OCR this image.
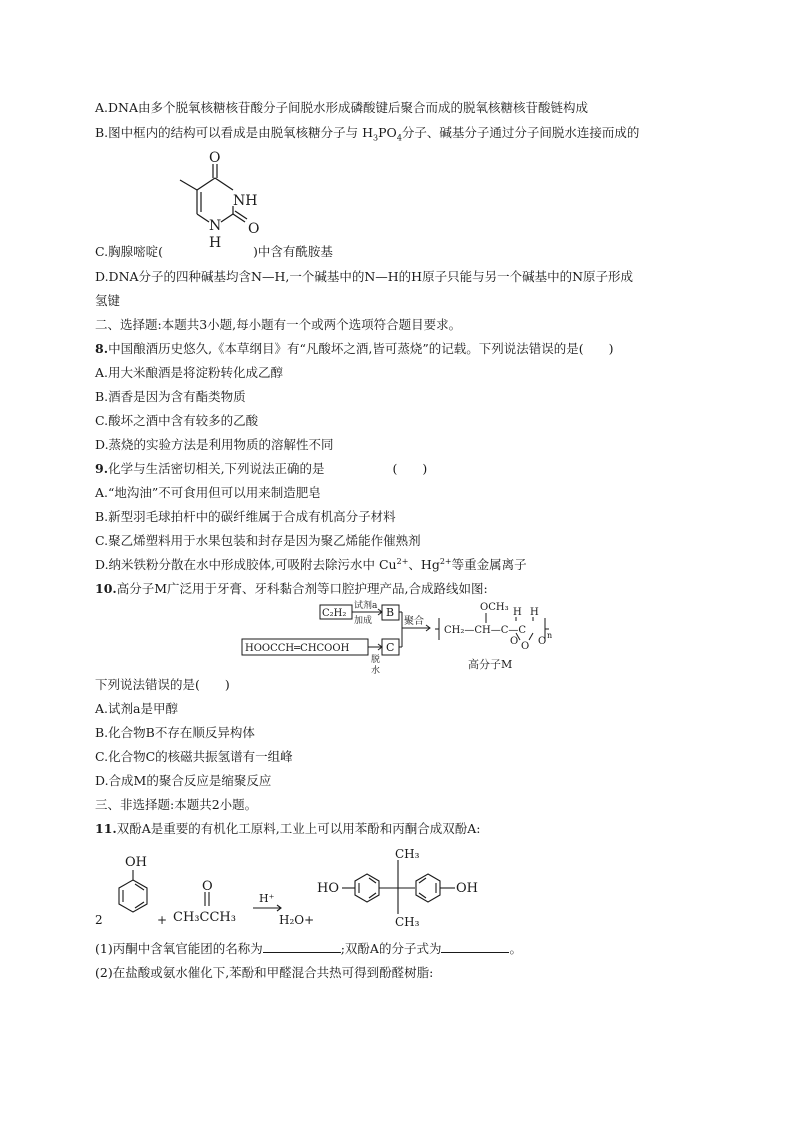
A.DNA由多个脱氧核糖核苷酸分子间脱水形成磷酸键后聚合而成的脱氧核糖核苷酸链构成
B.图中框内的结构可以看成是由脱氧核糖分子与 $H_3PO_4$分子、碱基分子通过分子间脱水连接而成的
O
NH
O
N
H
C.胸腺嘧啶(	)中含有酰胺基
D.DNA分子的四种碱基均含N—H,一个碱基中的N—H的H原子只能与另一个碱基中的N原子形成
氢键
二、选择题:本题共3小题,每小题有一个或两个选项符合题目要求。
8.中国酿酒历史悠久,《本草纲目》有“凡酸坏之酒,皆可蒸烧”的记载。下列说法错误的是(　　)
A.用大米酿酒是将淀粉转化成乙醇
B.酒香是因为含有酯类物质
C.酸坏之酒中含有较多的乙酸
D.蒸烧的实验方法是利用物质的溶解性不同
9.化学与生活密切相关,下列说法正确的是	(　　)
A.“地沟油”不可食用但可以用来制造肥皂
B.新型羽毛球拍杆中的碳纤维属于合成有机高分子材料
C.聚乙烯塑料用于水果包装和封存是因为聚乙烯能作催熟剂
D.纳米铁粉分散在水中形成胶体,可吸附去除污水中 $Cu^{2+}$、$Hg^{2+}$等重金属离子
10.高分子M广泛用于牙膏、牙科黏合剂等口腔护理产品,合成路线如图:
C₂H₂
试剂a
加成
B
HOOCCH═CHCOOH	C
脱
水
聚合
OCH₃
CH₂—CH—C—C
H H
n
O O O
高分子M
下列说法错误的是(　　)
A.试剂a是甲醇
B.化合物B不存在顺反异构体
C.化合物C的核磁共振氢谱有一组峰
D.合成M的聚合反应是缩聚反应
三、非选择题:本题共2小题。
11.双酚A是重要的有机化工原料,工业上可以用苯酚和丙酮合成双酚A:
OH
2	+
O
CH₃CCH₃
H⁺
H₂O+
HO	OH
CH₃
CH₃
(1)丙酮中含氧官能团的名称为	;双酚A的分子式为	。
(2)在盐酸或氨水催化下,苯酚和甲醛混合共热可得到酚醛树脂:
